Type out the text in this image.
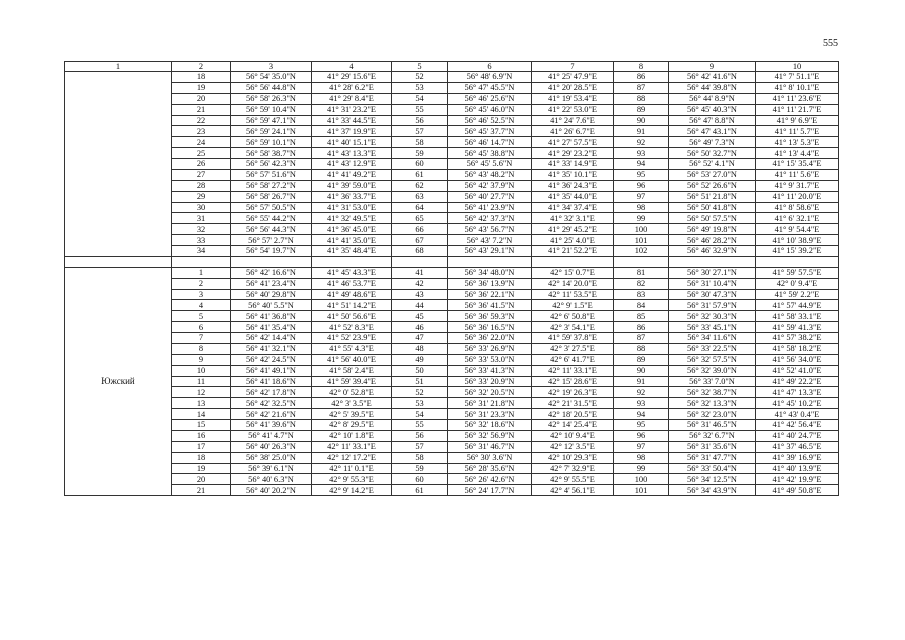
555
1	2	3	4	5	6	7	8	9	10
	18	56° 54' 35.0"N	41° 29' 15.6"E	52	56° 48' 6.9"N	41° 25' 47.9"E	86	56° 42' 41.6"N	41° 7' 51.1"E
	19	56° 56' 44.8"N	41° 28' 6.2"E	53	56° 47' 45.5"N	41° 20' 28.5"E	87	56° 44' 39.8"N	41° 8' 10.1"E
	20	56° 58' 26.3"N	41° 29' 8.4"E	54	56° 46' 25.6"N	41° 19' 53.4"E	88	56° 44' 8.9"N	41° 11' 23.6"E
	21	56° 59' 10.4"N	41° 31' 23.2"E	55	56° 45' 46.0"N	41° 22' 53.0"E	89	56° 45' 40.3"N	41° 11' 21.7"E
	22	56° 59' 47.1"N	41° 33' 44.5"E	56	56° 46' 52.5"N	41° 24' 7.6"E	90	56° 47' 8.8"N	41° 9' 6.9"E
	23	56° 59' 24.1"N	41° 37' 19.9"E	57	56° 45' 37.7"N	41° 26' 6.7"E	91	56° 47' 43.1"N	41° 11' 5.7"E
	24	56° 59' 10.1"N	41° 40' 15.1"E	58	56° 46' 14.7"N	41° 27' 57.5"E	92	56° 49' 7.3"N	41° 13' 5.3"E
	25	56° 58' 38.7"N	41° 43' 13.3"E	59	56° 45' 38.8"N	41° 29' 23.2"E	93	56° 50' 32.7"N	41° 13' 4.4"E
	26	56° 56' 42.3"N	41° 43' 12.9"E	60	56° 45' 5.6"N	41° 33' 14.9"E	94	56° 52' 4.1"N	41° 15' 35.4"E
	27	56° 57' 51.6"N	41° 41' 49.2"E	61	56° 43' 48.2"N	41° 35' 10.1"E	95	56° 53' 27.0"N	41° 11' 5.6"E
	28	56° 58' 27.2"N	41° 39' 59.0"E	62	56° 42' 37.9"N	41° 36' 24.3"E	96	56° 52' 26.6"N	41° 9' 31.7"E
	29	56° 58' 26.7"N	41° 36' 33.7"E	63	56° 40' 27.7"N	41° 35' 44.0"E	97	56° 51' 21.8"N	41° 11' 20.0"E
	30	56° 57' 50.5"N	41° 31' 53.0"E	64	56° 41' 23.9"N	41° 34' 37.4"E	98	56° 50' 41.8"N	41° 8' 58.6"E
	31	56° 55' 44.2"N	41° 32' 49.5"E	65	56° 42' 37.3"N	41° 32' 3.1"E	99	56° 50' 57.5"N	41° 6' 32.1"E
	32	56° 56' 44.3"N	41° 36' 45.0"E	66	56° 43' 56.7"N	41° 29' 45.2"E	100	56° 49' 19.8"N	41° 9' 54.4"E
	33	56° 57' 2.7"N	41° 41' 35.0"E	67	56° 43' 7.2"N	41° 25' 4.0"E	101	56° 46' 28.2"N	41° 10' 38.9"E
	34	56° 54' 19.7"N	41° 35' 48.4"E	68	56° 43' 29.1"N	41° 21' 52.2"E	102	56° 46' 32.9"N	41° 15' 39.2"E

Южский	1	56° 42' 16.6"N	41° 45' 43.3"E	41	56° 34' 48.0"N	42° 15' 0.7"E	81	56° 30' 27.1"N	41° 59' 57.5"E
	2	56° 41' 23.4"N	41° 46' 53.7"E	42	56° 36' 13.9"N	42° 14' 20.0"E	82	56° 31' 10.4"N	42° 0' 9.4"E
	3	56° 40' 29.8"N	41° 49' 48.6"E	43	56° 36' 22.1"N	42° 11' 53.5"E	83	56° 30' 47.3"N	41° 59' 2.2"E
	4	56° 40' 5.5"N	41° 51' 14.2"E	44	56° 36' 41.5"N	42° 9' 1.5"E	84	56° 31' 57.9"N	41° 57' 44.9"E
	5	56° 41' 36.8"N	41° 50' 56.6"E	45	56° 36' 59.3"N	42° 6' 50.8"E	85	56° 32' 30.3"N	41° 58' 33.1"E
	6	56° 41' 35.4"N	41° 52' 8.3"E	46	56° 36' 16.5"N	42° 3' 54.1"E	86	56° 33' 45.1"N	41° 59' 41.3"E
	7	56° 42' 14.4"N	41° 52' 23.9"E	47	56° 36' 22.0"N	41° 59' 37.8"E	87	56° 34' 11.6"N	41° 57' 38.2"E
	8	56° 41' 32.1"N	41° 55' 4.3"E	48	56° 33' 26.9"N	42° 3' 27.5"E	88	56° 33' 22.5"N	41° 58' 18.2"E
	9	56° 42' 24.5"N	41° 56' 40.0"E	49	56° 33' 53.0"N	42° 6' 41.7"E	89	56° 32' 57.5"N	41° 56' 34.0"E
	10	56° 41' 49.1"N	41° 58' 2.4"E	50	56° 33' 41.3"N	42° 11' 33.1"E	90	56° 32' 39.0"N	41° 52' 41.0"E
	11	56° 41' 18.6"N	41° 59' 39.4"E	51	56° 33' 20.9"N	42° 15' 28.6"E	91	56° 33' 7.0"N	41° 49' 22.2"E
	12	56° 42' 17.8"N	42° 0' 52.8"E	52	56° 32' 20.5"N	42° 19' 26.3"E	92	56° 32' 38.7"N	41° 47' 13.3"E
	13	56° 42' 32.5"N	42° 3' 3.5"E	53	56° 31' 21.8"N	42° 21' 31.5"E	93	56° 32' 13.3"N	41° 45' 10.2"E
	14	56° 42' 21.6"N	42° 5' 39.5"E	54	56° 31' 23.3"N	42° 18' 20.5"E	94	56° 32' 23.0"N	41° 43' 0.4"E
	15	56° 41' 39.6"N	42° 8' 29.5"E	55	56° 32' 18.6"N	42° 14' 25.4"E	95	56° 31' 46.5"N	41° 42' 56.4"E
	16	56° 41' 4.7"N	42° 10' 1.8"E	56	56° 32' 56.9"N	42° 10' 9.4"E	96	56° 32' 6.7"N	41° 40' 24.7"E
	17	56° 40' 26.3"N	42° 11' 33.1"E	57	56° 31' 46.7"N	42° 12' 3.5"E	97	56° 31' 35.6"N	41° 37' 46.5"E
	18	56° 38' 25.0"N	42° 12' 17.2"E	58	56° 30' 3.6"N	42° 10' 29.3"E	98	56° 31' 47.7"N	41° 39' 16.9"E
	19	56° 39' 6.1"N	42° 11' 0.1"E	59	56° 28' 35.6"N	42° 7' 32.9"E	99	56° 33' 50.4"N	41° 40' 13.9"E
	20	56° 40' 6.3"N	42° 9' 55.3"E	60	56° 26' 42.6"N	42° 9' 55.5"E	100	56° 34' 12.5"N	41° 42' 19.9"E
	21	56° 40' 20.2"N	42° 9' 14.2"E	61	56° 24' 17.7"N	42° 4' 56.1"E	101	56° 34' 43.9"N	41° 49' 50.8"E
